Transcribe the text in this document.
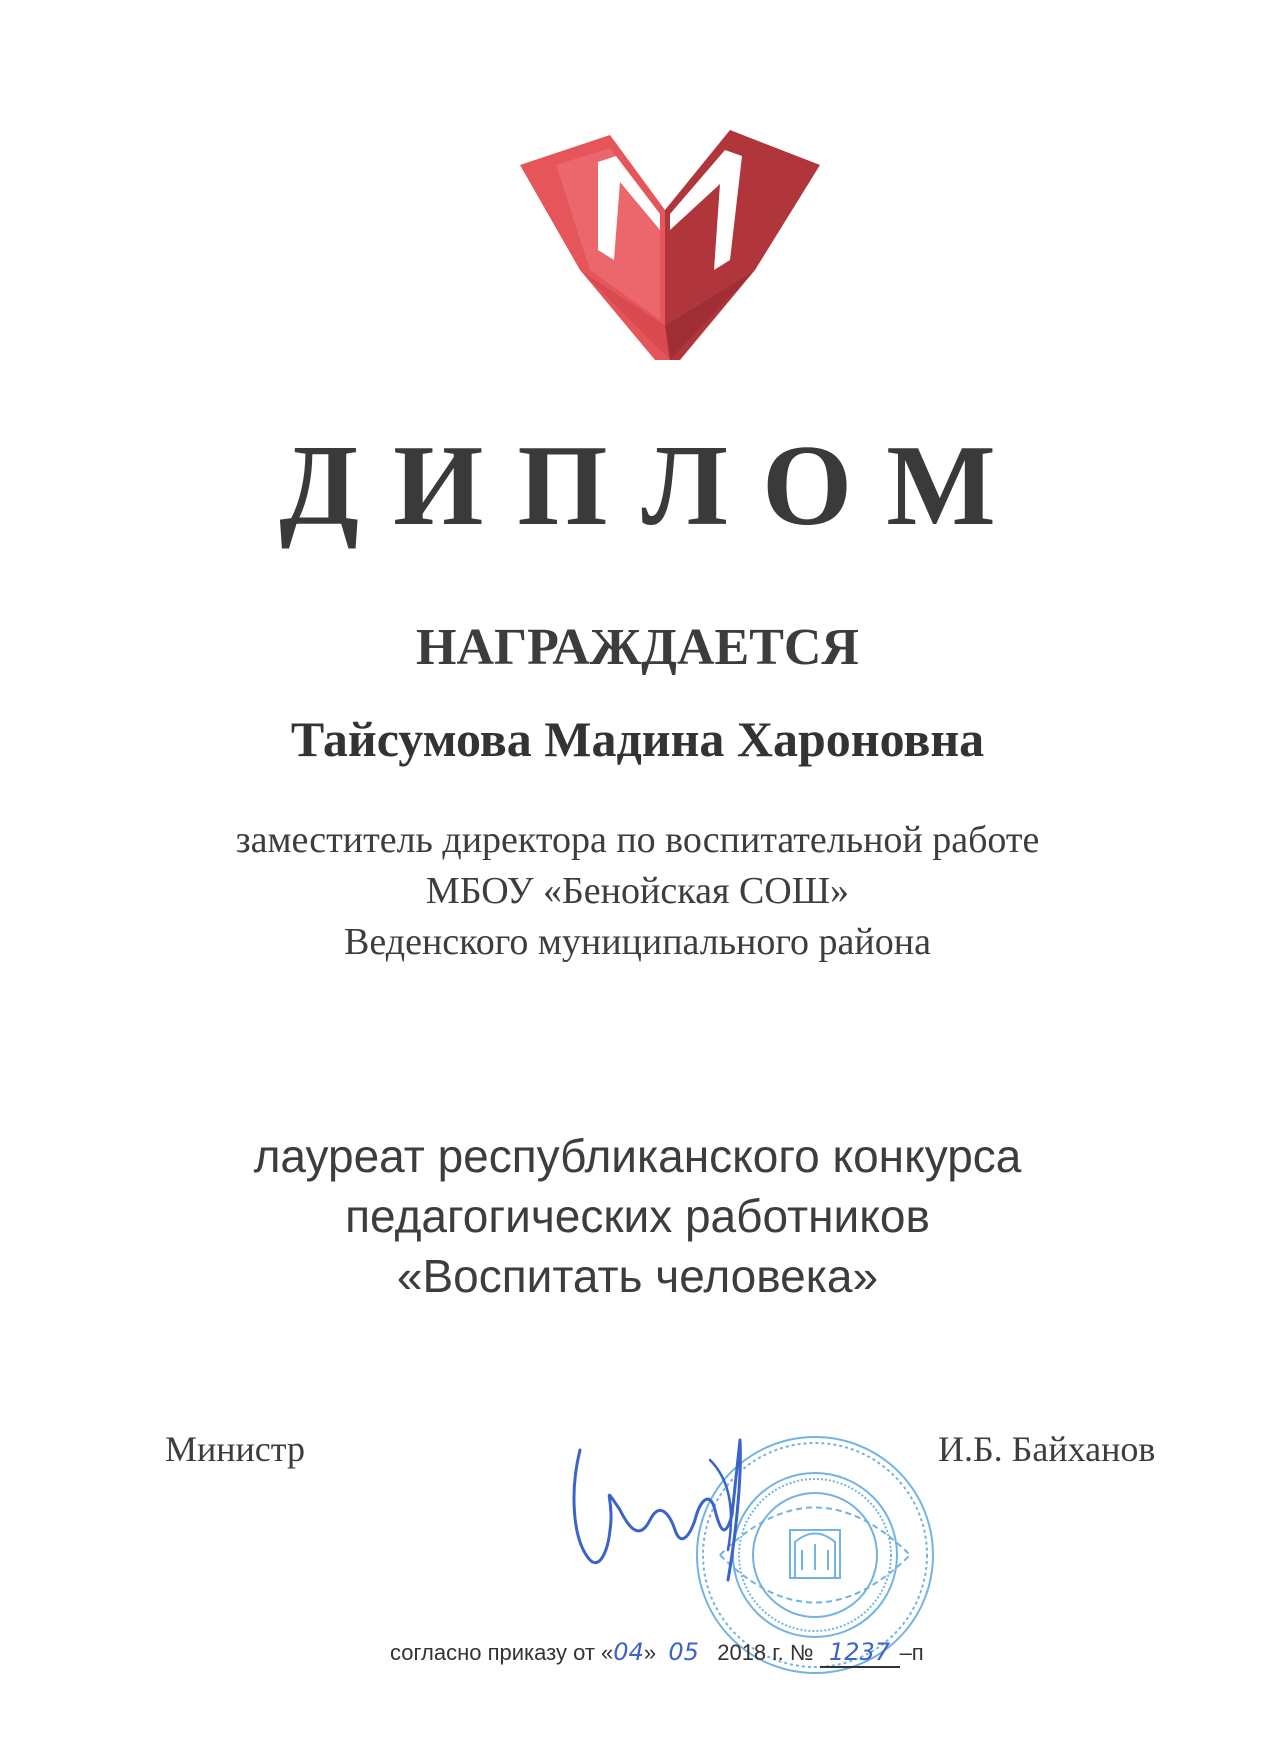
ДИПЛОМ
НАГРАЖДАЕТСЯ
Тайсумова Мадина Хароновна
заместитель директора по воспитательной работе
МБОУ «Бенойская СОШ»
Веденского муниципального района
лауреат республиканского конкурса
педагогических работников
«Воспитать человека»
Министр	И.Б. Байханов
согласно приказу от «04» 05 2018 г. № 1237 –п
